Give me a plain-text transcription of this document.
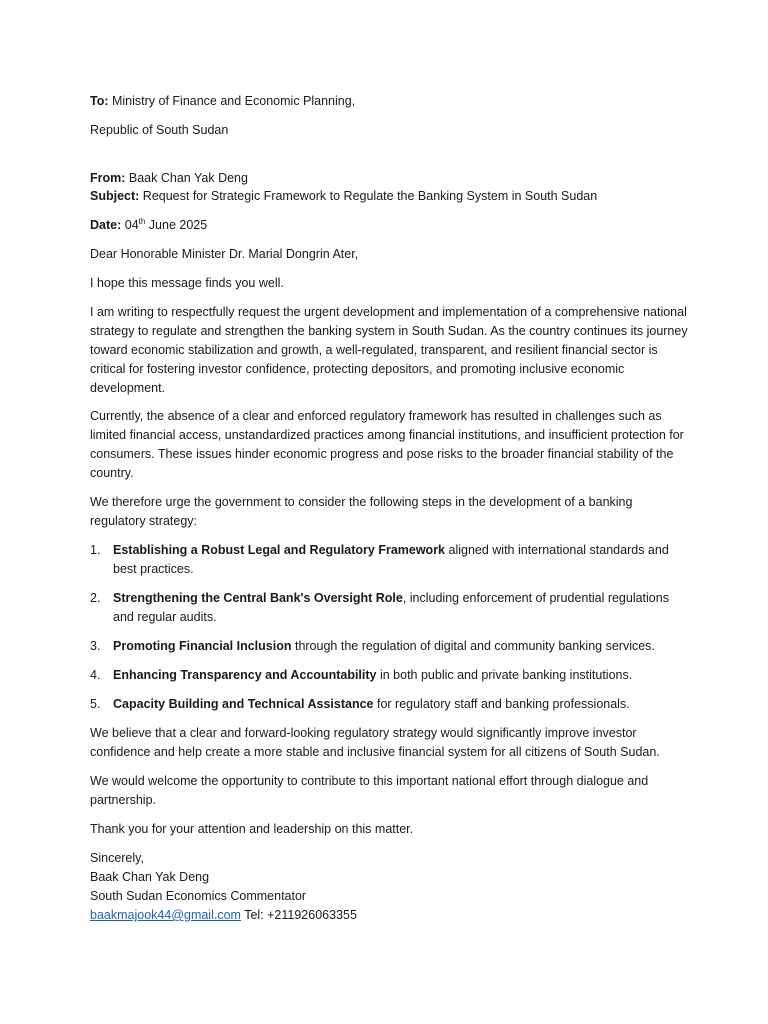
To: Ministry of Finance and Economic Planning,

Republic of South Sudan

From: Baak Chan Yak Deng

Subject: Request for Strategic Framework to Regulate the Banking System in South Sudan

Date: 04th June 2025

Dear Honorable Minister Dr. Marial Dongrin Ater,

I hope this message finds you well.

I am writing to respectfully request the urgent development and implementation of a comprehensive national strategy to regulate and strengthen the banking system in South Sudan. As the country continues its journey toward economic stabilization and growth, a well-regulated, transparent, and resilient financial sector is critical for fostering investor confidence, protecting depositors, and promoting inclusive economic development.

Currently, the absence of a clear and enforced regulatory framework has resulted in challenges such as limited financial access, unstandardized practices among financial institutions, and insufficient protection for consumers. These issues hinder economic progress and pose risks to the broader financial stability of the country.

We therefore urge the government to consider the following steps in the development of a banking regulatory strategy:

1. Establishing a Robust Legal and Regulatory Framework aligned with international standards and best practices.
2. Strengthening the Central Bank's Oversight Role, including enforcement of prudential regulations and regular audits.
3. Promoting Financial Inclusion through the regulation of digital and community banking services.
4. Enhancing Transparency and Accountability in both public and private banking institutions.
5. Capacity Building and Technical Assistance for regulatory staff and banking professionals.

We believe that a clear and forward-looking regulatory strategy would significantly improve investor confidence and help create a more stable and inclusive financial system for all citizens of South Sudan.

We would welcome the opportunity to contribute to this important national effort through dialogue and partnership.

Thank you for your attention and leadership on this matter.

Sincerely,

Baak Chan Yak Deng

South Sudan Economics Commentator

baakmajook44@gmail.com Tel: +211926063355
